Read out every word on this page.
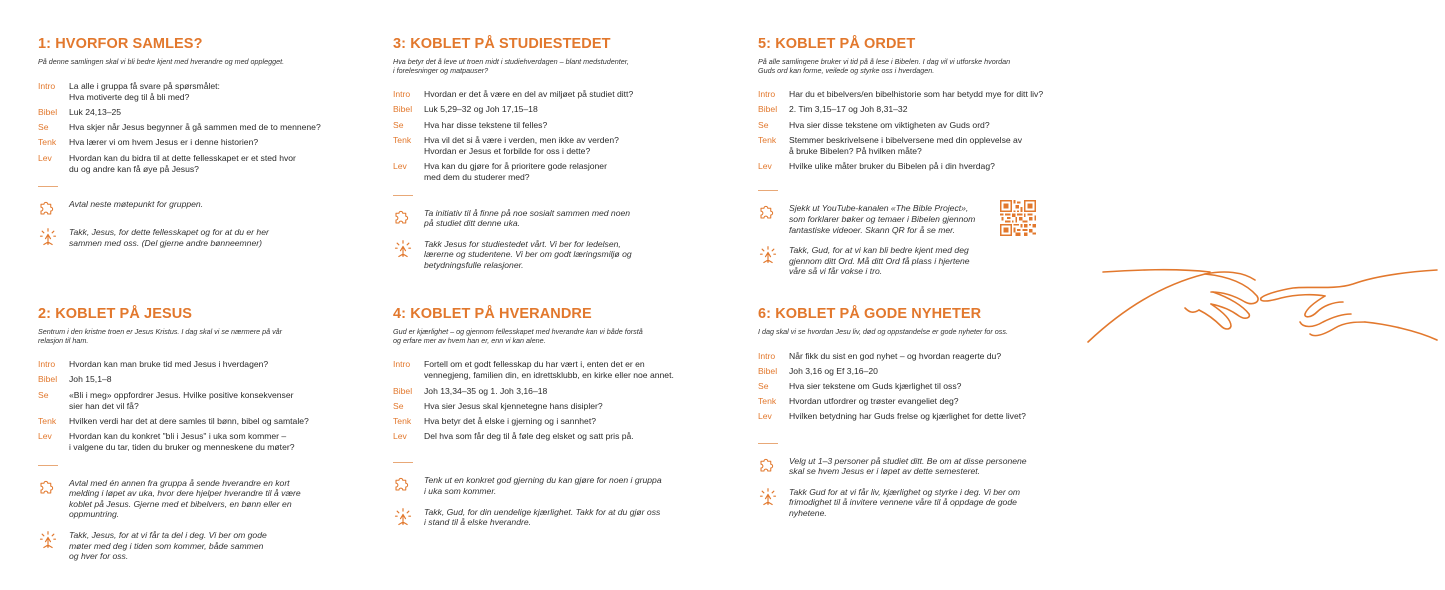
1: HVORFOR SAMLES?
På denne samlingen skal vi bli bedre kjent med hverandre og med opplegget.
Intro	La alle i gruppa få svare på spørsmålet:
Hva motiverte deg til å bli med?
Bibel	Luk 24,13–25
Se	Hva skjer når Jesus begynner å gå sammen med de to mennene?
Tenk	Hva lærer vi om hvem Jesus er i denne historien?
Lev	Hvordan kan du bidra til at dette fellesskapet er et sted hvor
du og andre kan få øye på Jesus?
Avtal neste møtepunkt for gruppen.
Takk, Jesus, for dette fellesskapet og for at du er her
sammen med oss. (Del gjerne andre bønneemner)
2: KOBLET PÅ JESUS
Sentrum i den kristne troen er Jesus Kristus. I dag skal vi se nærmere på vår
relasjon til ham.
Intro	Hvordan kan man bruke tid med Jesus i hverdagen?
Bibel	Joh 15,1–8
Se	«Bli i meg» oppfordrer Jesus. Hvilke positive konsekvenser
sier han det vil få?
Tenk	Hvilken verdi har det at dere samles til bønn, bibel og samtale?
Lev	Hvordan kan du konkret "bli i Jesus" i uka som kommer –
i valgene du tar, tiden du bruker og menneskene du møter?
Avtal med én annen fra gruppa å sende hverandre en kort
melding i løpet av uka, hvor dere hjelper hverandre til å være
koblet på Jesus. Gjerne med et bibelvers, en bønn eller en
oppmuntring.
Takk, Jesus, for at vi får ta del i deg. Vi ber om gode
møter med deg i tiden som kommer, både sammen
og hver for oss.
3: KOBLET PÅ STUDIESTEDET
Hva betyr det å leve ut troen midt i studiehverdagen – blant medstudenter,
i forelesninger og matpauser?
Intro	Hvordan er det å være en del av miljøet på studiet ditt?
Bibel	Luk 5,29–32 og Joh 17,15–18
Se	Hva har disse tekstene til felles?
Tenk	Hva vil det si å være i verden, men ikke av verden?
Hvordan er Jesus et forbilde for oss i dette?
Lev	Hva kan du gjøre for å prioritere gode relasjoner
med dem du studerer med?
Ta initiativ til å finne på noe sosialt sammen med noen
på studiet ditt denne uka.
Takk Jesus for studiestedet vårt. Vi ber for ledelsen,
lærerne og studentene. Vi ber om godt læringsmiljø og
betydningsfulle relasjoner.
4: KOBLET PÅ HVERANDRE
Gud er kjærlighet – og gjennom fellesskapet med hverandre kan vi både forstå
og erfare mer av hvem han er, enn vi kan alene.
Intro	Fortell om et godt fellesskap du har vært i, enten det er en
vennegjeng, familien din, en idrettsklubb, en kirke eller noe annet.
Bibel	Joh 13,34–35 og 1. Joh 3,16–18
Se	Hva sier Jesus skal kjennetegne hans disipler?
Tenk	Hva betyr det å elske i gjerning og i sannhet?
Lev	Del hva som får deg til å føle deg elsket og satt pris på.
Tenk ut en konkret god gjerning du kan gjøre for noen i gruppa
i uka som kommer.
Takk, Gud, for din uendelige kjærlighet. Takk for at du gjør oss
i stand til å elske hverandre.
5: KOBLET PÅ ORDET
På alle samlingene bruker vi tid på å lese i Bibelen. I dag vil vi utforske hvordan
Guds ord kan forme, veilede og styrke oss i hverdagen.
Intro	Har du et bibelvers/en bibelhistorie som har betydd mye for ditt liv?
Bibel	2. Tim 3,15–17 og Joh 8,31–32
Se	Hva sier disse tekstene om viktigheten av Guds ord?
Tenk	Stemmer beskrivelsene i bibelversene med din opplevelse av
å bruke Bibelen? På hvilken måte?
Lev	Hvilke ulike måter bruker du Bibelen på i din hverdag?
Sjekk ut YouTube-kanalen «The Bible Project»,
som forklarer bøker og temaer i Bibelen gjennom
fantastiske videoer. Skann QR for å se mer.
Takk, Gud, for at vi kan bli bedre kjent med deg
gjennom ditt Ord. Må ditt Ord få plass i hjertene
våre så vi får vokse i tro.
6: KOBLET PÅ GODE NYHETER
I dag skal vi se hvordan Jesu liv, død og oppstandelse er gode nyheter for oss.
Intro	Når fikk du sist en god nyhet – og hvordan reagerte du?
Bibel	Joh 3,16 og Ef 3,16–20
Se	Hva sier tekstene om Guds kjærlighet til oss?
Tenk	Hvordan utfordrer og trøster evangeliet deg?
Lev	Hvilken betydning har Guds frelse og kjærlighet for dette livet?
Velg ut 1–3 personer på studiet ditt. Be om at disse personene
skal se hvem Jesus er i løpet av dette semesteret.
Takk Gud for at vi får liv, kjærlighet og styrke i deg. Vi ber om
frimodighet til å invitere vennene våre til å oppdage de gode
nyhetene.
